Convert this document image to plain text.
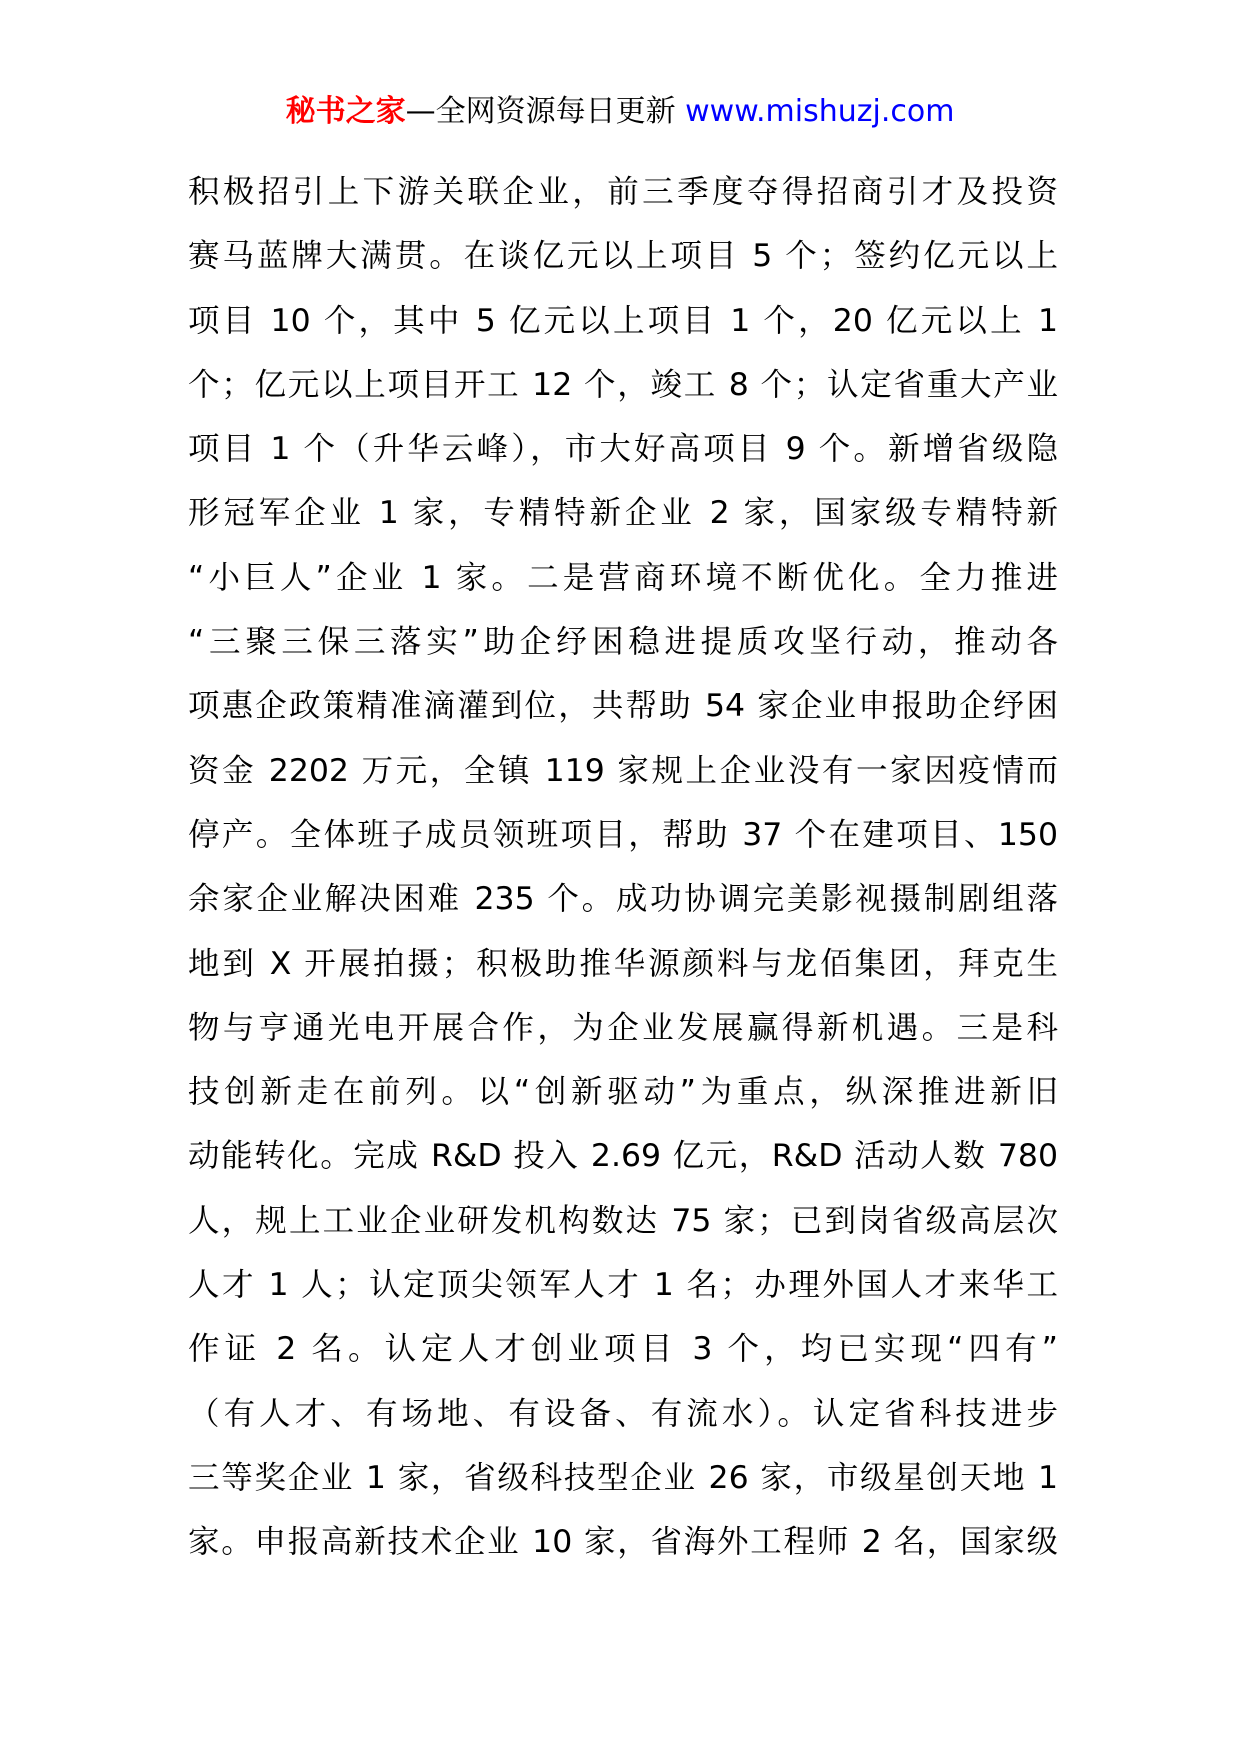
秘书之家—全网资源每日更新 www.mishuzj.com
积极招引上下游关联企业，前三季度夺得招商引才及投资
赛马蓝牌大满贯。在谈亿元以上项目 5 个；签约亿元以上
项目 10 个，其中 5 亿元以上项目 1 个，20 亿元以上 1
个；亿元以上项目开工 12 个，竣工 8 个；认定省重大产业
项目 1 个（升华云峰），市大好高项目 9 个。新增省级隐
形冠军企业 1 家，专精特新企业 2 家，国家级专精特新
“小巨人”企业 1 家。二是营商环境不断优化。全力推进
“三聚三保三落实”助企纾困稳进提质攻坚行动，推动各
项惠企政策精准滴灌到位，共帮助 54 家企业申报助企纾困
资金 2202 万元，全镇 119 家规上企业没有一家因疫情而
停产。全体班子成员领班项目，帮助 37 个在建项目、150
余家企业解决困难 235 个。成功协调完美影视摄制剧组落
地到 X 开展拍摄；积极助推华源颜料与龙佰集团，拜克生
物与亨通光电开展合作，为企业发展赢得新机遇。三是科
技创新走在前列。以“创新驱动”为重点，纵深推进新旧
动能转化。完成 R&D 投入 2.69 亿元，R&D 活动人数 780
人，规上工业企业研发机构数达 75 家；已到岗省级高层次
人才 1 人；认定顶尖领军人才 1 名；办理外国人才来华工
作证 2 名。认定人才创业项目 3 个，均已实现“四有”
（有人才、有场地、有设备、有流水）。认定省科技进步
三等奖企业 1 家，省级科技型企业 26 家，市级星创天地 1
家。申报高新技术企业 10 家，省海外工程师 2 名，国家级
